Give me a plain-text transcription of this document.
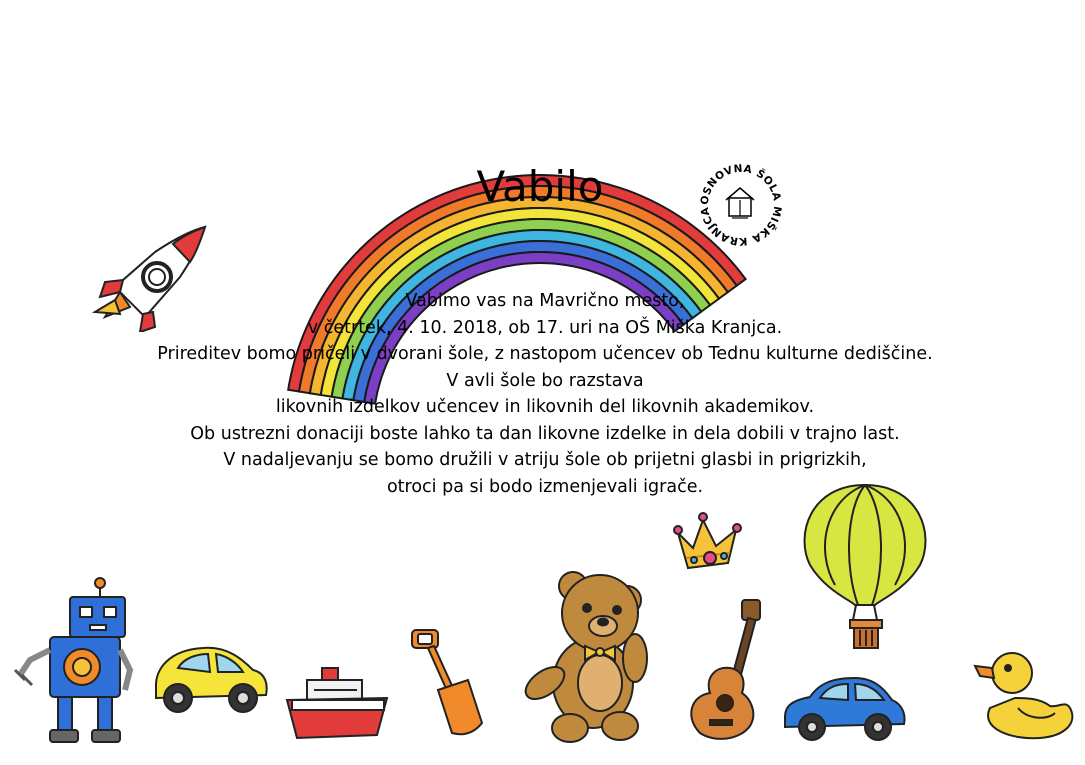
Vabilo	OSNOVNA ŠOLA MIŠKA KRANJCA
Vabimo vas na Mavrično mesto,
v četrtek, 4. 10. 2018, ob 17. uri na OŠ Miška Kranjca.
Prireditev bomo pričeli v dvorani šole, z nastopom učencev ob Tednu kulturne dediščine.
V avli šole bo razstava
likovnih izdelkov učencev in likovnih del likovnih akademikov.
Ob ustrezni donaciji boste lahko ta dan likovne izdelke in dela dobili v trajno last.
V nadaljevanju se bomo družili v atriju šole ob prijetni glasbi in prigrizkih,
otroci pa si bodo izmenjevali igrače.
